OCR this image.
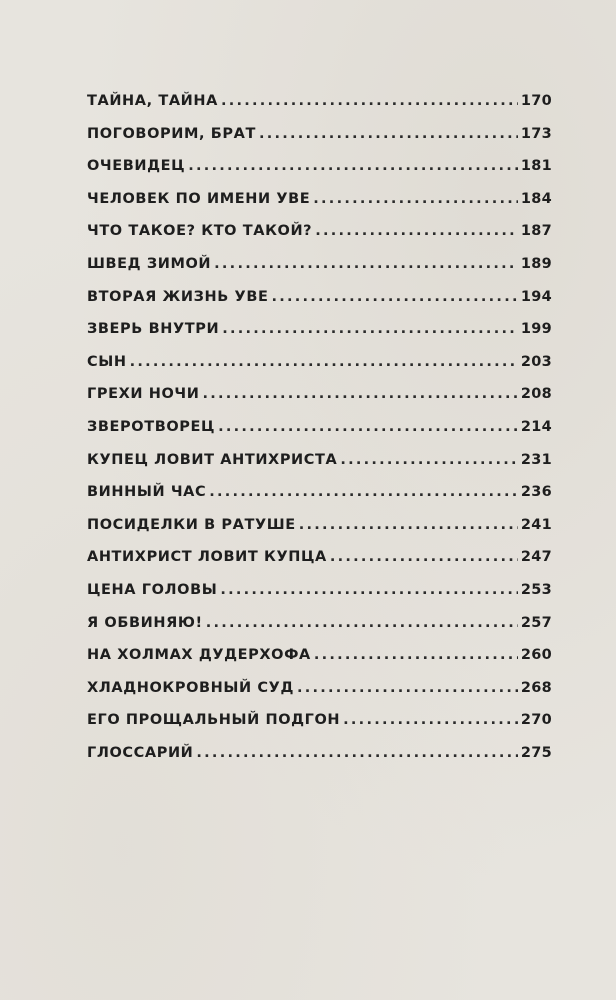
ТАЙНА, ТАЙНА . . .	170
ПОГОВОРИМ, БРАТ . . .	173
ОЧЕВИДЕЦ . . .	181
ЧЕЛОВЕК ПО ИМЕНИ УВЕ . . .	184
ЧТО ТАКОЕ? КТО ТАКОЙ? . . .	187
ШВЕД ЗИМОЙ . . .	189
ВТОРАЯ ЖИЗНЬ УВЕ . . .	194
ЗВЕРЬ ВНУТРИ . . .	199
СЫН . . .	203
ГРЕХИ НОЧИ . . .	208
ЗВЕРОТВОРЕЦ . . .	214
КУПЕЦ ЛОВИТ АНТИХРИСТА . . .	231
ВИННЫЙ ЧАС . . .	236
ПОСИДЕЛКИ В РАТУШЕ . . .	241
АНТИХРИСТ ЛОВИТ КУПЦА . . .	247
ЦЕНА ГОЛОВЫ . . .	253
Я ОБВИНЯЮ! . . .	257
НА ХОЛМАХ ДУДЕРХОФА . . .	260
ХЛАДНОКРОВНЫЙ СУД . . .	268
ЕГО ПРОЩАЛЬНЫЙ ПОДГОН . . .	270
ГЛОССАРИЙ . . .	275
